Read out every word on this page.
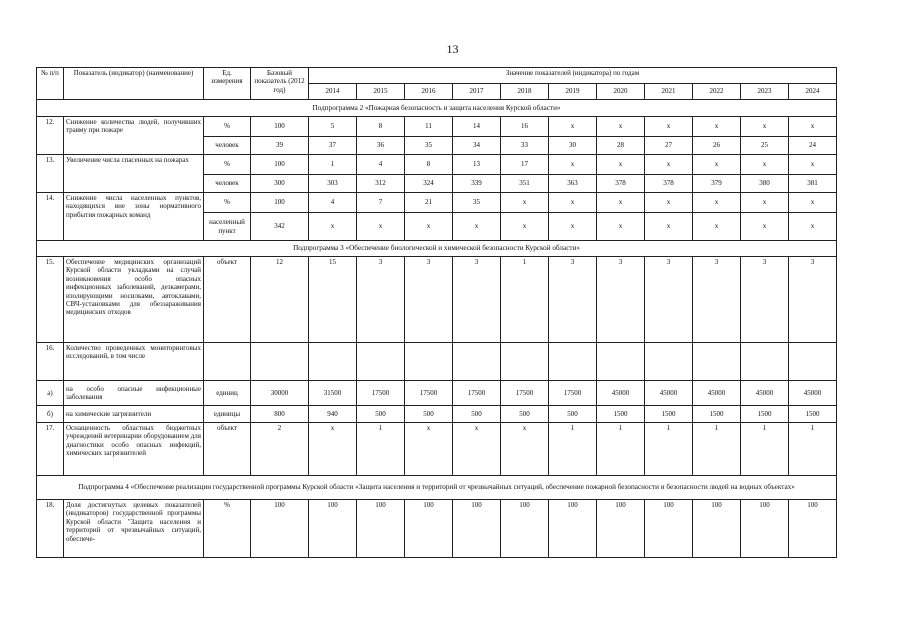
13
№ п/п	Показатель (индикатор) (наименование)	Ед. измерения	Базовый показатель (2012 год)	Значение показателей (индикатора) по годам										
				2014	2015	2016	2017	2018	2019	2020	2021	2022	2023	2024
Подпрограмма 2 «Пожарная безопасность и защита населения Курской области»														
12.	Снижение количества людей, получивших травму при пожаре	%	100	5	8	11	14	16	x	x	x	x	x	x
		человек	39	37	36	35	34	33	30	28	27	26	25	24
13.	Увеличение числа спасенных на пожарах	%	100	1	4	8	13	17	x	x	x	x	x	x
		человек	300	303	312	324	339	351	363	378	378	379	380	381
14.	Снижение числа населенных пунктов, находящихся вне зоны нормативного прибытия пожарных команд	%	100	4	7	21	35	x	x	x	x	x	x	x
		населенный пункт	342	x	x	x	x	x	x	x	x	x	x	x
Подпрограмма 3 «Обеспечение биологической и химической безопасности Курской области»														
15.	Обеспечение медицинских организаций Курской области укладками на случай возникновения особо опасных инфекционных заболеваний, дезкамерами, изолирующими носилками, автоклавами, СВЧ-установками для обеззараживания медицинских отходов	объект	12	15	3	3	3	1	3	3	3	3	3	3
16.	Количество проведенных мониторинговых исследований, в том числе													
а)	на особо опасные инфекционные заболевания	единиц	30000	31500	17500	17500	17500	17500	17500	45000	45000	45000	45000	45000
б)	на химические загрязнители	единицы	800	940	500	500	500	500	500	1500	1500	1500	1500	1500
17.	Оснащенность областных бюджетных учреждений ветеринарии оборудованием для диагностики особо опасных инфекций, химических загрязнителей	объект	2	x	1	x	x	x	1	1	1	1	1	1
Подпрограмма 4 «Обеспечение реализации государственной программы Курской области «Защита населения и территорий от чрезвычайных ситуаций, обеспечение пожарной безопасности и безопасности людей на водных объектах»														
18.	Доля достигнутых целевых показателей (индикаторов) государственной программы Курской области "Защита населения и территорий от чрезвычайных ситуаций, обеспече-	%	100	100	100	100	100	100	100	100	100	100	100	100
